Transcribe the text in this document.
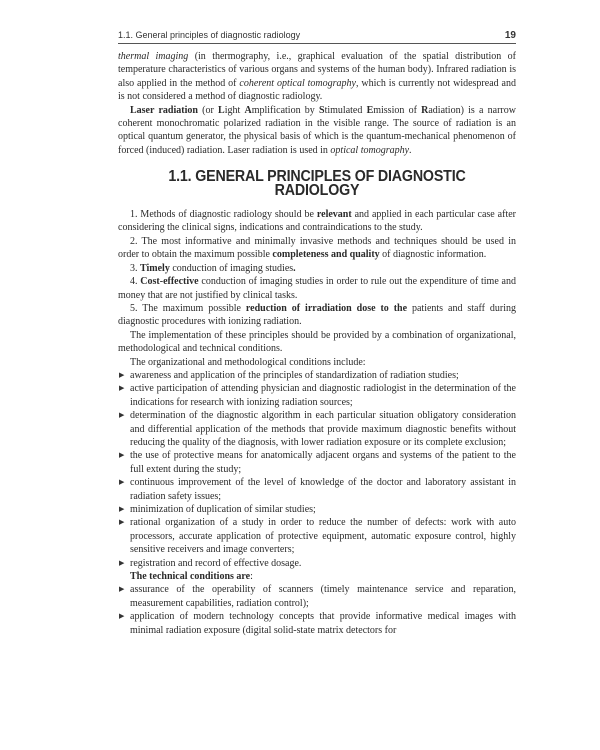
1.1. General principles of diagnostic radiology	19

thermal imaging (in thermography, i.e., graphical evaluation of the spatial distribution of temperature characteristics of various organs and systems of the human body). Infrared radiation is also applied in the method of coherent optical tomography, which is currently not widespread and is not considered a method of diagnostic radiology.

Laser radiation (or Light Amplification by Stimulated Emission of Radiation) is a narrow coherent monochromatic polarized radiation in the visible range. The source of radiation is an optical quantum generator, the physical basis of which is the quantum-mechanical phenomenon of forced (induced) radiation. Laser radiation is used in optical tomography.

1.1. GENERAL PRINCIPLES OF DIAGNOSTIC RADIOLOGY

1. Methods of diagnostic radiology should be relevant and applied in each particular case after considering the clinical signs, indications and contraindications to the study.

2. The most informative and minimally invasive methods and techniques should be used in order to obtain the maximum possible completeness and quality of diagnostic information.

3. Timely conduction of imaging studies.

4. Cost-effective conduction of imaging studies in order to rule out the expenditure of time and money that are not justified by clinical tasks.

5. The maximum possible reduction of irradiation dose to the patients and staff during diagnostic procedures with ionizing radiation.

The implementation of these principles should be provided by a combination of organizational, methodological and technical conditions.

The organizational and methodological conditions include:

▶ awareness and application of the principles of standardization of radiation studies;
▶ active participation of attending physician and diagnostic radiologist in the determination of the indications for research with ionizing radiation sources;
▶ determination of the diagnostic algorithm in each particular situation obligatory consideration and differential application of the methods that provide maximum diagnostic benefits without reducing the quality of the diagnosis, with lower radiation exposure or its complete exclusion;
▶ the use of protective means for anatomically adjacent organs and systems of the patient to the full extent during the study;
▶ continuous improvement of the level of knowledge of the doctor and laboratory assistant in radiation safety issues;
▶ minimization of duplication of similar studies;
▶ rational organization of a study in order to reduce the number of defects: work with auto processors, accurate application of protective equipment, automatic exposure control, highly sensitive receivers and image converters;
▶ registration and record of effective dosage.

The technical conditions are:

▶ assurance of the operability of scanners (timely maintenance service and reparation, measurement capabilities, radiation control);
▶ application of modern technology concepts that provide informative medical images with minimal radiation exposure (digital solid-state matrix detectors for
